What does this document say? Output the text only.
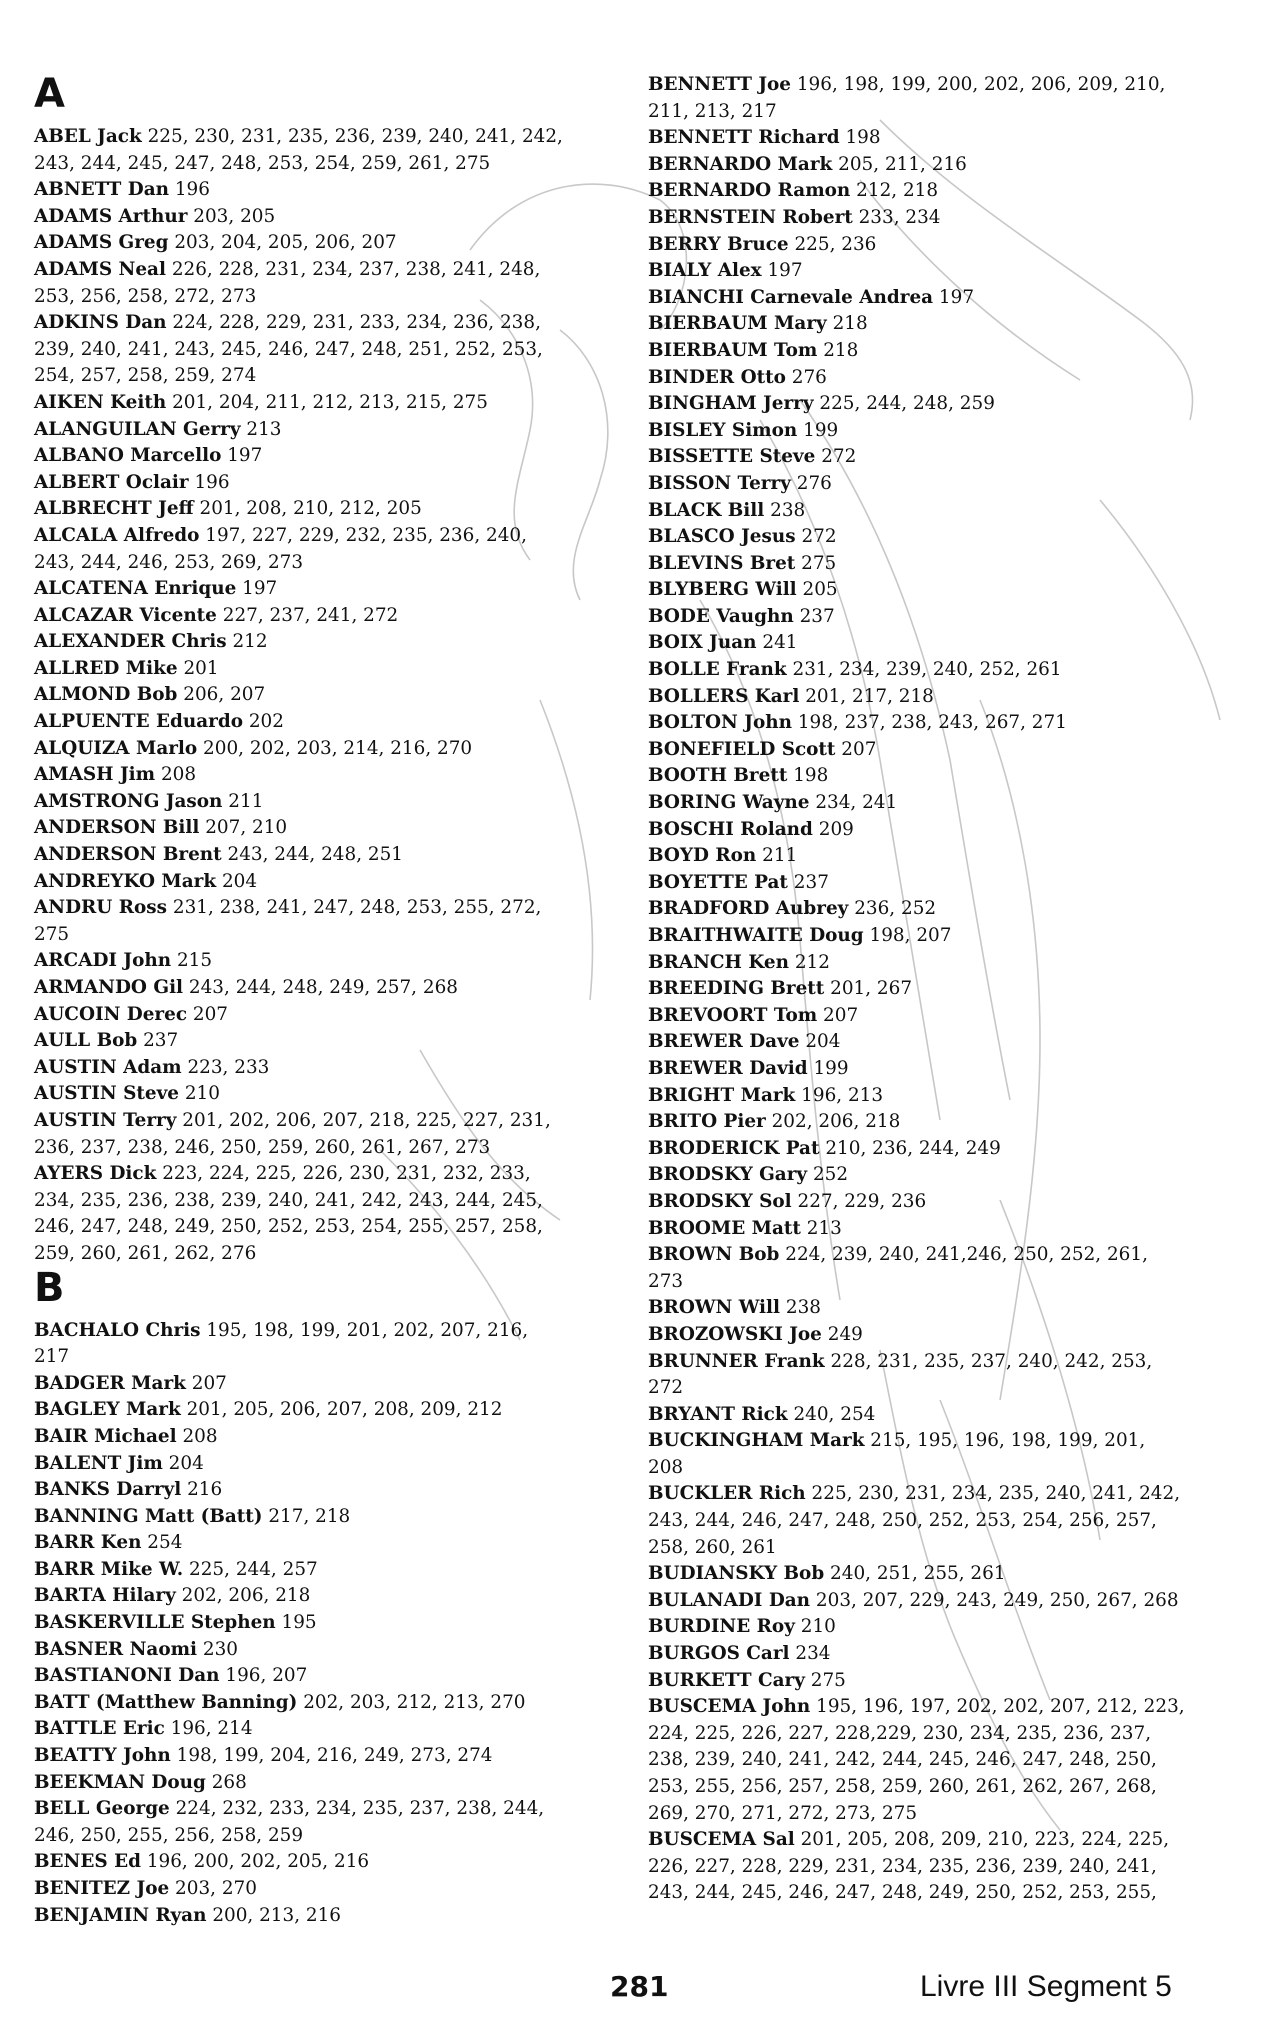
A
ABEL Jack 225, 230, 231, 235, 236, 239, 240, 241, 242,
243, 244, 245, 247, 248, 253, 254, 259, 261, 275
ABNETT Dan 196
ADAMS Arthur 203, 205
ADAMS Greg 203, 204, 205, 206, 207
ADAMS Neal 226, 228, 231, 234, 237, 238, 241, 248,
253, 256, 258, 272, 273
ADKINS Dan 224, 228, 229, 231, 233, 234, 236, 238,
239, 240, 241, 243, 245, 246, 247, 248, 251, 252, 253,
254, 257, 258, 259, 274
AIKEN Keith 201, 204, 211, 212, 213, 215, 275
ALANGUILAN Gerry 213
ALBANO Marcello 197
ALBERT Oclair 196
ALBRECHT Jeff 201, 208, 210, 212, 205
ALCALA Alfredo 197, 227, 229, 232, 235, 236, 240,
243, 244, 246, 253, 269, 273
ALCATENA Enrique 197
ALCAZAR Vicente 227, 237, 241, 272
ALEXANDER Chris 212
ALLRED Mike 201
ALMOND Bob 206, 207
ALPUENTE Eduardo 202
ALQUIZA Marlo 200, 202, 203, 214, 216, 270
AMASH Jim 208
AMSTRONG Jason 211
ANDERSON Bill 207, 210
ANDERSON Brent 243, 244, 248, 251
ANDREYKO Mark 204
ANDRU Ross 231, 238, 241, 247, 248, 253, 255, 272,
275
ARCADI John 215
ARMANDO Gil 243, 244, 248, 249, 257, 268
AUCOIN Derec 207
AULL Bob 237
AUSTIN Adam 223, 233
AUSTIN Steve 210
AUSTIN Terry 201, 202, 206, 207, 218, 225, 227, 231,
236, 237, 238, 246, 250, 259, 260, 261, 267, 273
AYERS Dick 223, 224, 225, 226, 230, 231, 232, 233,
234, 235, 236, 238, 239, 240, 241, 242, 243, 244, 245,
246, 247, 248, 249, 250, 252, 253, 254, 255, 257, 258,
259, 260, 261, 262, 276
B
BACHALO Chris 195, 198, 199, 201, 202, 207, 216,
217
BADGER Mark 207
BAGLEY Mark 201, 205, 206, 207, 208, 209, 212
BAIR Michael 208
BALENT Jim 204
BANKS Darryl 216
BANNING Matt (Batt) 217, 218
BARR Ken 254
BARR Mike W. 225, 244, 257
BARTA Hilary 202, 206, 218
BASKERVILLE Stephen 195
BASNER Naomi 230
BASTIANONI Dan 196, 207
BATT (Matthew Banning) 202, 203, 212, 213, 270
BATTLE Eric 196, 214
BEATTY John 198, 199, 204, 216, 249, 273, 274
BEEKMAN Doug 268
BELL George 224, 232, 233, 234, 235, 237, 238, 244,
246, 250, 255, 256, 258, 259
BENES Ed 196, 200, 202, 205, 216
BENITEZ Joe 203, 270
BENJAMIN Ryan 200, 213, 216
BENNETT Joe 196, 198, 199, 200, 202, 206, 209, 210,
211, 213, 217
BENNETT Richard 198
BERNARDO Mark 205, 211, 216
BERNARDO Ramon 212, 218
BERNSTEIN Robert 233, 234
BERRY Bruce 225, 236
BIALY Alex 197
BIANCHI Carnevale Andrea 197
BIERBAUM Mary 218
BIERBAUM Tom 218
BINDER Otto 276
BINGHAM Jerry 225, 244, 248, 259
BISLEY Simon 199
BISSETTE Steve 272
BISSON Terry 276
BLACK Bill 238
BLASCO Jesus 272
BLEVINS Bret 275
BLYBERG Will 205
BODE Vaughn 237
BOIX Juan 241
BOLLE Frank 231, 234, 239, 240, 252, 261
BOLLERS Karl 201, 217, 218
BOLTON John 198, 237, 238, 243, 267, 271
BONEFIELD Scott 207
BOOTH Brett 198
BORING Wayne 234, 241
BOSCHI Roland 209
BOYD Ron 211
BOYETTE Pat 237
BRADFORD Aubrey 236, 252
BRAITHWAITE Doug 198, 207
BRANCH Ken 212
BREEDING Brett 201, 267
BREVOORT Tom 207
BREWER Dave 204
BREWER David 199
BRIGHT Mark 196, 213
BRITO Pier 202, 206, 218
BRODERICK Pat 210, 236, 244, 249
BRODSKY Gary 252
BRODSKY Sol 227, 229, 236
BROOME Matt 213
BROWN Bob 224, 239, 240, 241,246, 250, 252, 261,
273
BROWN Will 238
BROZOWSKI Joe 249
BRUNNER Frank 228, 231, 235, 237, 240, 242, 253,
272
BRYANT Rick 240, 254
BUCKINGHAM Mark 215, 195, 196, 198, 199, 201,
208
BUCKLER Rich 225, 230, 231, 234, 235, 240, 241, 242,
243, 244, 246, 247, 248, 250, 252, 253, 254, 256, 257,
258, 260, 261
BUDIANSKY Bob 240, 251, 255, 261
BULANADI Dan 203, 207, 229, 243, 249, 250, 267, 268
BURDINE Roy 210
BURGOS Carl 234
BURKETT Cary 275
BUSCEMA John 195, 196, 197, 202, 202, 207, 212, 223,
224, 225, 226, 227, 228,229, 230, 234, 235, 236, 237,
238, 239, 240, 241, 242, 244, 245, 246, 247, 248, 250,
253, 255, 256, 257, 258, 259, 260, 261, 262, 267, 268,
269, 270, 271, 272, 273, 275
BUSCEMA Sal 201, 205, 208, 209, 210, 223, 224, 225,
226, 227, 228, 229, 231, 234, 235, 236, 239, 240, 241,
243, 244, 245, 246, 247, 248, 249, 250, 252, 253, 255,
281	Livre III Segment 5
